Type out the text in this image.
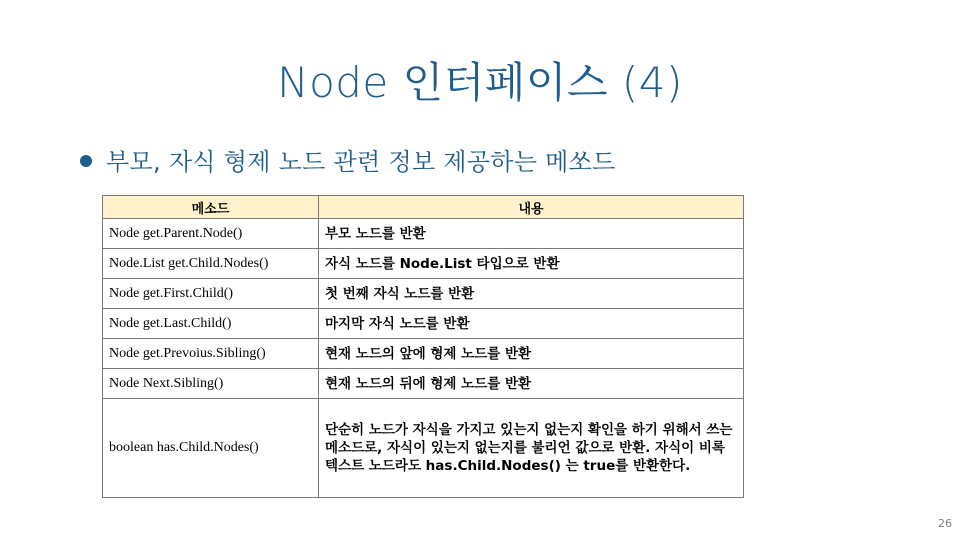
Node 인터페이스 (4)
부모, 자식 형제 노드 관련 정보 제공하는 메쏘드
메소드	내용
Node get.Parent.Node()	부모 노드를 반환
Node.List get.Child.Nodes()	자식 노드를 Node.List 타입으로 반환
Node get.First.Child()	첫 번째 자식 노드를 반환
Node get.Last.Child()	마지막 자식 노드를 반환
Node get.Prevoius.Sibling()	현재 노드의 앞에 형제 노드를 반환
Node Next.Sibling()	현재 노드의 뒤에 형제 노드를 반환
boolean has.Child.Nodes()	단순히 노드가 자식을 가지고 있는지 없는지 확인을 하기 위해서 쓰는 메소드로, 자식이 있는지 없는지를 불리언 값으로 반환. 자식이 비록 텍스트 노드라도 has.Child.Nodes() 는 true를 반환한다.
26
